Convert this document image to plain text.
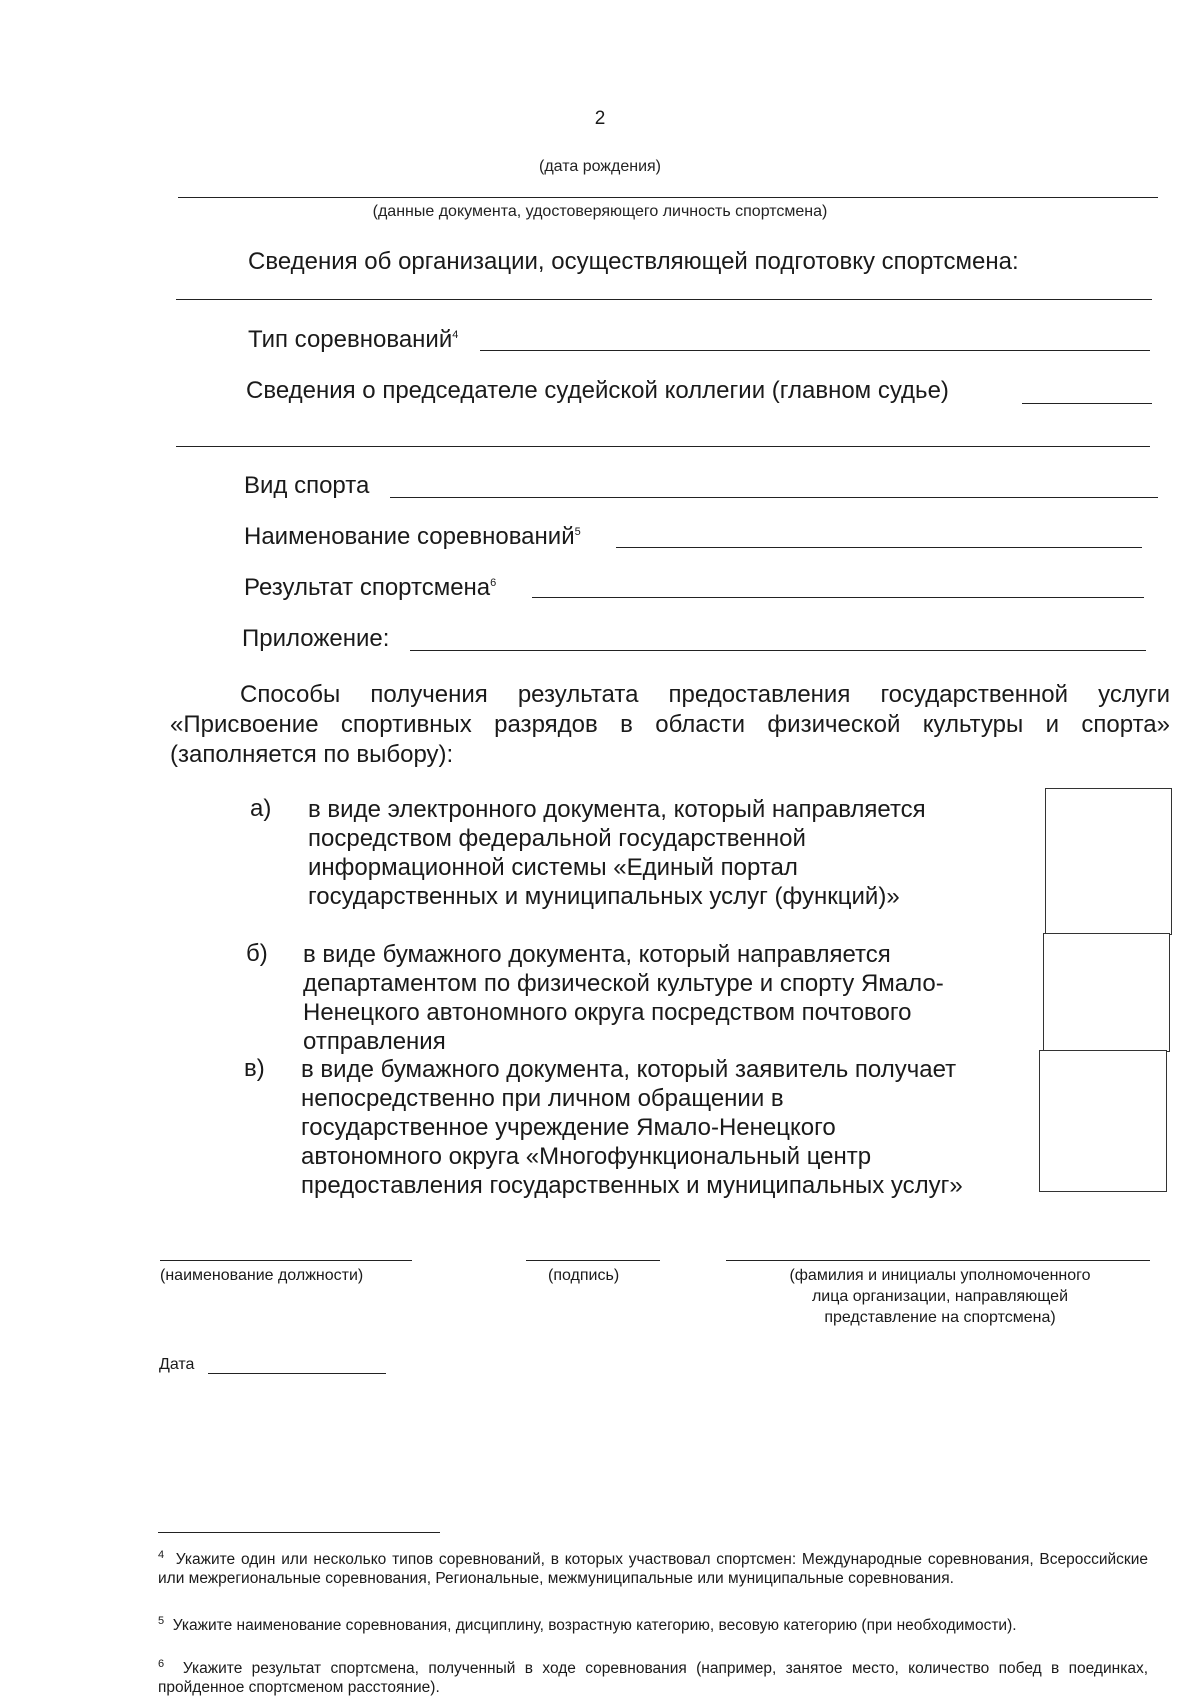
2
(дата рождения)
(данные документа, удостоверяющего личность спортсмена)
Сведения об организации, осуществляющей подготовку спортсмена:
Тип соревнований$^4$
Сведения о председателе судейской коллегии (главном судье)
Вид спорта
Наименование соревнований$^5$
Результат спортсмена$^6$
Приложение:
Способы получения результата предоставления государственной услуги «Присвоение спортивных разрядов в области физической культуры и спорта» (заполняется по выбору):
а) в виде электронного документа, который направляется
посредством федеральной государственной
информационной системы «Единый портал
государственных и муниципальных услуг (функций)»
б) в виде бумажного документа, который направляется
департаментом по физической культуре и спорту Ямало-
Ненецкого автономного округа посредством почтового
отправления
в) в виде бумажного документа, который заявитель получает
непосредственно при личном обращении в
государственное учреждение Ямало-Ненецкого
автономного округа «Многофункциональный центр
предоставления государственных и муниципальных услуг»
(наименование должности)	(подпись)	(фамилия и инициалы уполномоченного
лица организации, направляющей
представление на спортсмена)
Дата
$^4$ Укажите один или несколько типов соревнований, в которых участвовал спортсмен: Международные соревнования, Всероссийские или межрегиональные соревнования, Региональные, межмуниципальные или муниципальные соревнования.
$^5$ Укажите наименование соревнования, дисциплину, возрастную категорию, весовую категорию (при необходимости).
$^6$ Укажите результат спортсмена, полученный в ходе соревнования (например, занятое место, количество побед в поединках, пройденное спортсменом расстояние).
